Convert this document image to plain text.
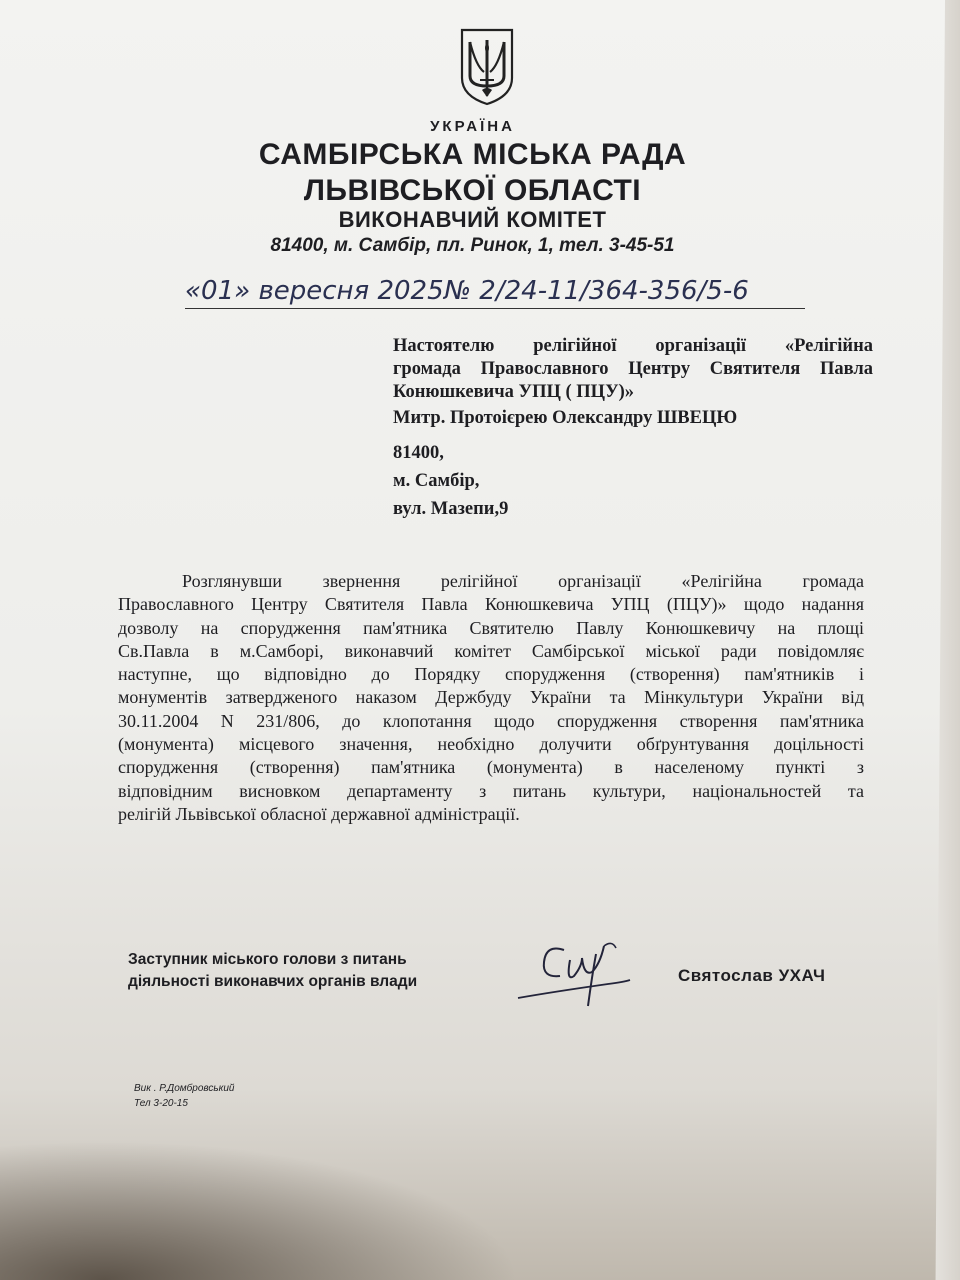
УКРАЇНА
САМБІРСЬКА МІСЬКА РАДА
ЛЬВІВСЬКОЇ ОБЛАСТІ
ВИКОНАВЧИЙ КОМІТЕТ
81400, м. Самбір, пл. Ринок, 1, тел. 3-45-51
«01» вересня 2025 № 2/24-11/364-356/5-6
Настоятелю релігійної організації «Релігійна
громада Православного Центру Святителя Павла
Конюшкевича УПЦ ( ПЦУ)»
Митр. Протоієрею Олександру ШВЕЦЮ
81400,
м. Самбір,
вул. Мазепи,9
Розглянувши звернення релігійної організації «Релігійна громада
Православного Центру Святителя Павла Конюшкевича УПЦ (ПЦУ)» щодо надання
дозволу на спорудження пам'ятника Святителю Павлу Конюшкевичу на площі
Св.Павла в м.Самборі, виконавчий комітет Самбірської міської ради повідомляє
наступне, що відповідно до Порядку спорудження (створення) пам'ятників і
монументів затвердженого наказом Держбуду України та Мінкультури України від
30.11.2004 N 231/806, до клопотання щодо спорудження створення пам'ятника
(монумента) місцевого значення, необхідно долучити обґрунтування доцільності
спорудження (створення) пам'ятника (монумента) в населеному пункті з
відповідним висновком департаменту з питань культури, національностей та
релігій Львівської обласної державної адміністрації.
Заступник міського голови з питань
діяльності виконавчих органів влади	Святослав УХАЧ
Вик . Р.Домбровський
Тел 3-20-15
